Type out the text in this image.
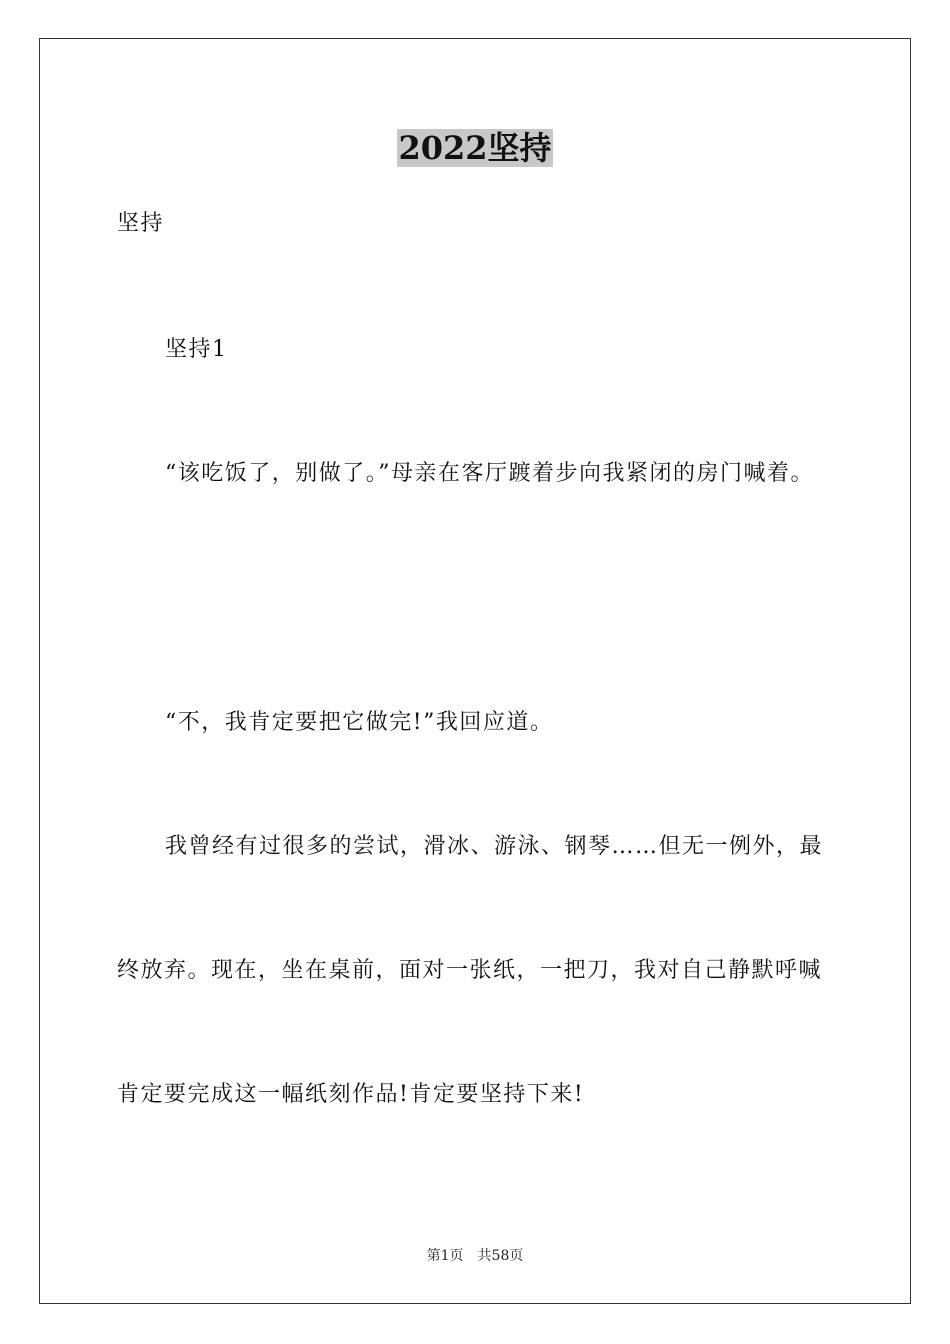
2022坚持
坚持
坚持1
“该吃饭了，别做了。”母亲在客厅踱着步向我紧闭的房门喊着。
“不，我肯定要把它做完!”我回应道。
我曾经有过很多的尝试，滑冰、游泳、钢琴……但无一例外，最
终放弃。现在，坐在桌前，面对一张纸，一把刀，我对自己静默呼喊
肯定要完成这一幅纸刻作品!肯定要坚持下来!
第1页 共58页
